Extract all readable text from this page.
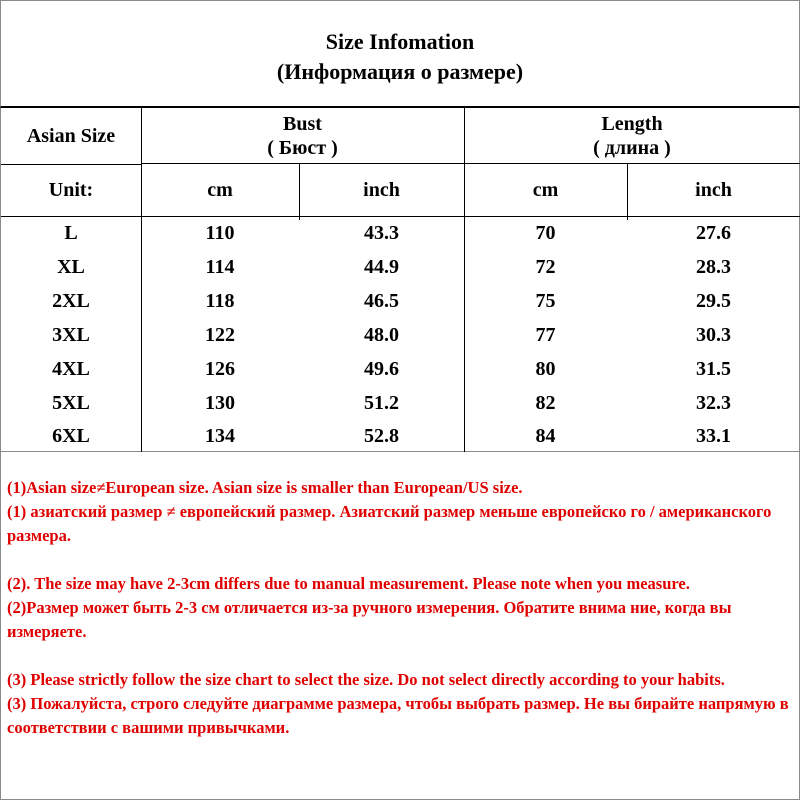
Size Infomation
(Информация о размере)
Asian Size
Bust
( Бюст )
Length
( длина )
Unit:	cm	inch	cm	inch
L	110	43.3	70	27.6
XL	114	44.9	72	28.3
2XL	118	46.5	75	29.5
3XL	122	48.0	77	30.3
4XL	126	49.6	80	31.5
5XL	130	51.2	82	32.3
6XL	134	52.8	84	33.1

(1)Asian size≠European size. Asian size is smaller than European/US size.

(1) азиатский размер ≠ европейский размер. Азиатский размер меньше европейско го / американского размера.

(2). The size may have 2-3cm differs due to manual measurement. Please note when you measure.

(2)Размер может быть 2-3 см отличается из-за ручного измерения. Обратите внима ние, когда вы измеряете.

(3) Please strictly follow the size chart to select the size. Do not select directly according to your habits.

(3) Пожалуйста, строго следуйте диаграмме размера, чтобы выбрать размер. Не вы бирайте напрямую в соответствии с вашими привычками.
